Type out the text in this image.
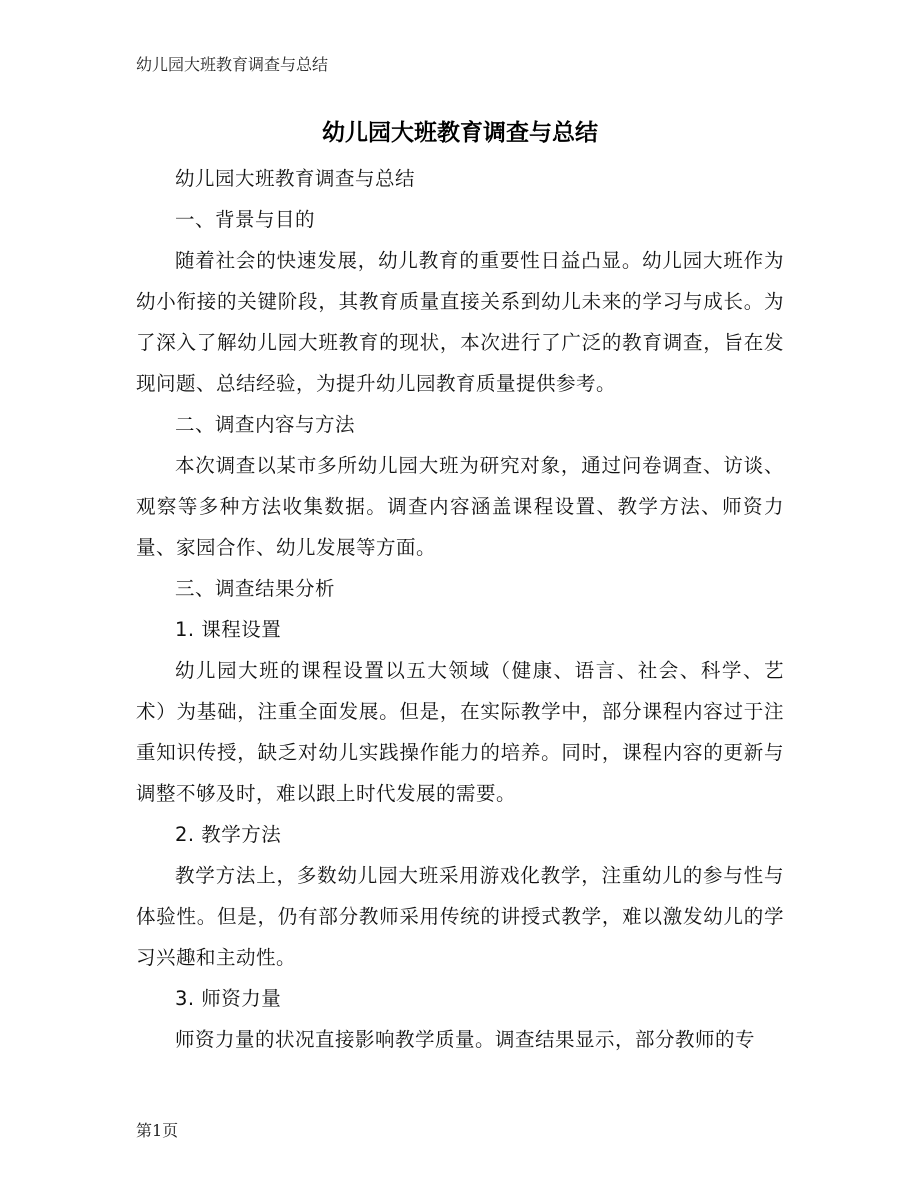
幼儿园大班教育调查与总结
幼儿园大班教育调查与总结

幼儿园大班教育调查与总结

一、背景与目的

随着社会的快速发展，幼儿教育的重要性日益凸显。幼儿园大班作为幼小衔接的关键阶段，其教育质量直接关系到幼儿未来的学习与成长。为了深入了解幼儿园大班教育的现状，本次进行了广泛的教育调查，旨在发现问题、总结经验，为提升幼儿园教育质量提供参考。

二、调查内容与方法

本次调查以某市多所幼儿园大班为研究对象，通过问卷调查、访谈、观察等多种方法收集数据。调查内容涵盖课程设置、教学方法、师资力量、家园合作、幼儿发展等方面。

三、调查结果分析

1. 课程设置

幼儿园大班的课程设置以五大领域（健康、语言、社会、科学、艺术）为基础，注重全面发展。但是，在实际教学中，部分课程内容过于注重知识传授，缺乏对幼儿实践操作能力的培养。同时，课程内容的更新与调整不够及时，难以跟上时代发展的需要。

2. 教学方法

教学方法上，多数幼儿园大班采用游戏化教学，注重幼儿的参与性与体验性。但是，仍有部分教师采用传统的讲授式教学，难以激发幼儿的学习兴趣和主动性。

3. 师资力量

师资力量的状况直接影响教学质量。调查结果显示，部分教师的专

第1页
